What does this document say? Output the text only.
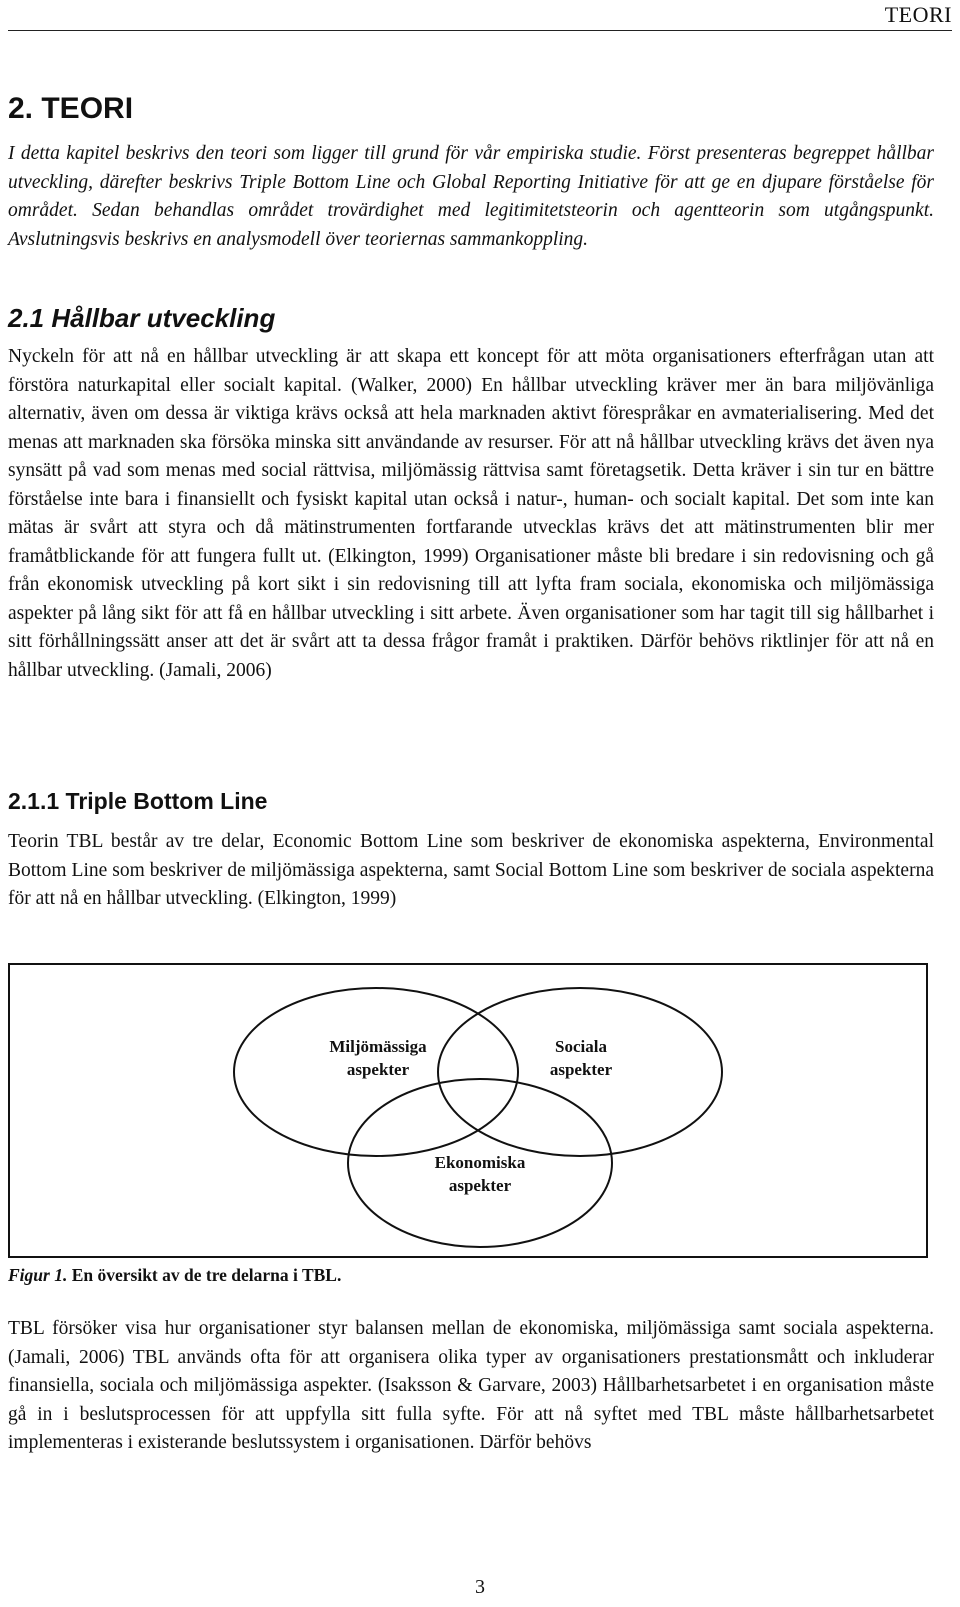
TEORI
2. TEORI

I detta kapitel beskrivs den teori som ligger till grund för vår empiriska studie. Först presenteras begreppet hållbar utveckling, därefter beskrivs Triple Bottom Line och Global Reporting Initiative för att ge en djupare förståelse för området. Sedan behandlas området trovärdighet med legitimitetsteorin och agentteorin som utgångspunkt. Avslutningsvis beskrivs en analysmodell över teoriernas sammankoppling.

2.1 Hållbar utveckling

Nyckeln för att nå en hållbar utveckling är att skapa ett koncept för att möta organisationers efterfrågan utan att förstöra naturkapital eller socialt kapital. (Walker, 2000) En hållbar utveckling kräver mer än bara miljövänliga alternativ, även om dessa är viktiga krävs också att hela marknaden aktivt förespråkar en avmaterialisering. Med det menas att marknaden ska försöka minska sitt användande av resurser. För att nå hållbar utveckling krävs det även nya synsätt på vad som menas med social rättvisa, miljömässig rättvisa samt företagsetik. Detta kräver i sin tur en bättre förståelse inte bara i finansiellt och fysiskt kapital utan också i natur-, human- och socialt kapital. Det som inte kan mätas är svårt att styra och då mätinstrumenten fortfarande utvecklas krävs det att mätinstrumenten blir mer framåtblickande för att fungera fullt ut. (Elkington, 1999) Organisationer måste bli bredare i sin redovisning och gå från ekonomisk utveckling på kort sikt i sin redovisning till att lyfta fram sociala, ekonomiska och miljömässiga aspekter på lång sikt för att få en hållbar utveckling i sitt arbete. Även organisationer som har tagit till sig hållbarhet i sitt förhållningssätt anser att det är svårt att ta dessa frågor framåt i praktiken. Därför behövs riktlinjer för att nå en hållbar utveckling. (Jamali, 2006)

2.1.1 Triple Bottom Line

Teorin TBL består av tre delar, Economic Bottom Line som beskriver de ekonomiska aspekterna, Environmental Bottom Line som beskriver de miljömässiga aspekterna, samt Social Bottom Line som beskriver de sociala aspekterna för att nå en hållbar utveckling. (Elkington, 1999)

Miljömässiga
aspekter
Sociala
aspekter
Ekonomiska
aspekter

Figur 1. En översikt av de tre delarna i TBL.

TBL försöker visa hur organisationer styr balansen mellan de ekonomiska, miljömässiga samt sociala aspekterna. (Jamali, 2006) TBL används ofta för att organisera olika typer av organisationers prestationsmått och inkluderar finansiella, sociala och miljömässiga aspekter. (Isaksson & Garvare, 2003) Hållbarhetsarbetet i en organisation måste gå in i beslutsprocessen för att uppfylla sitt fulla syfte. För att nå syftet med TBL måste hållbarhetsarbetet implementeras i existerande beslutssystem i organisationen. Därför behövs

3
